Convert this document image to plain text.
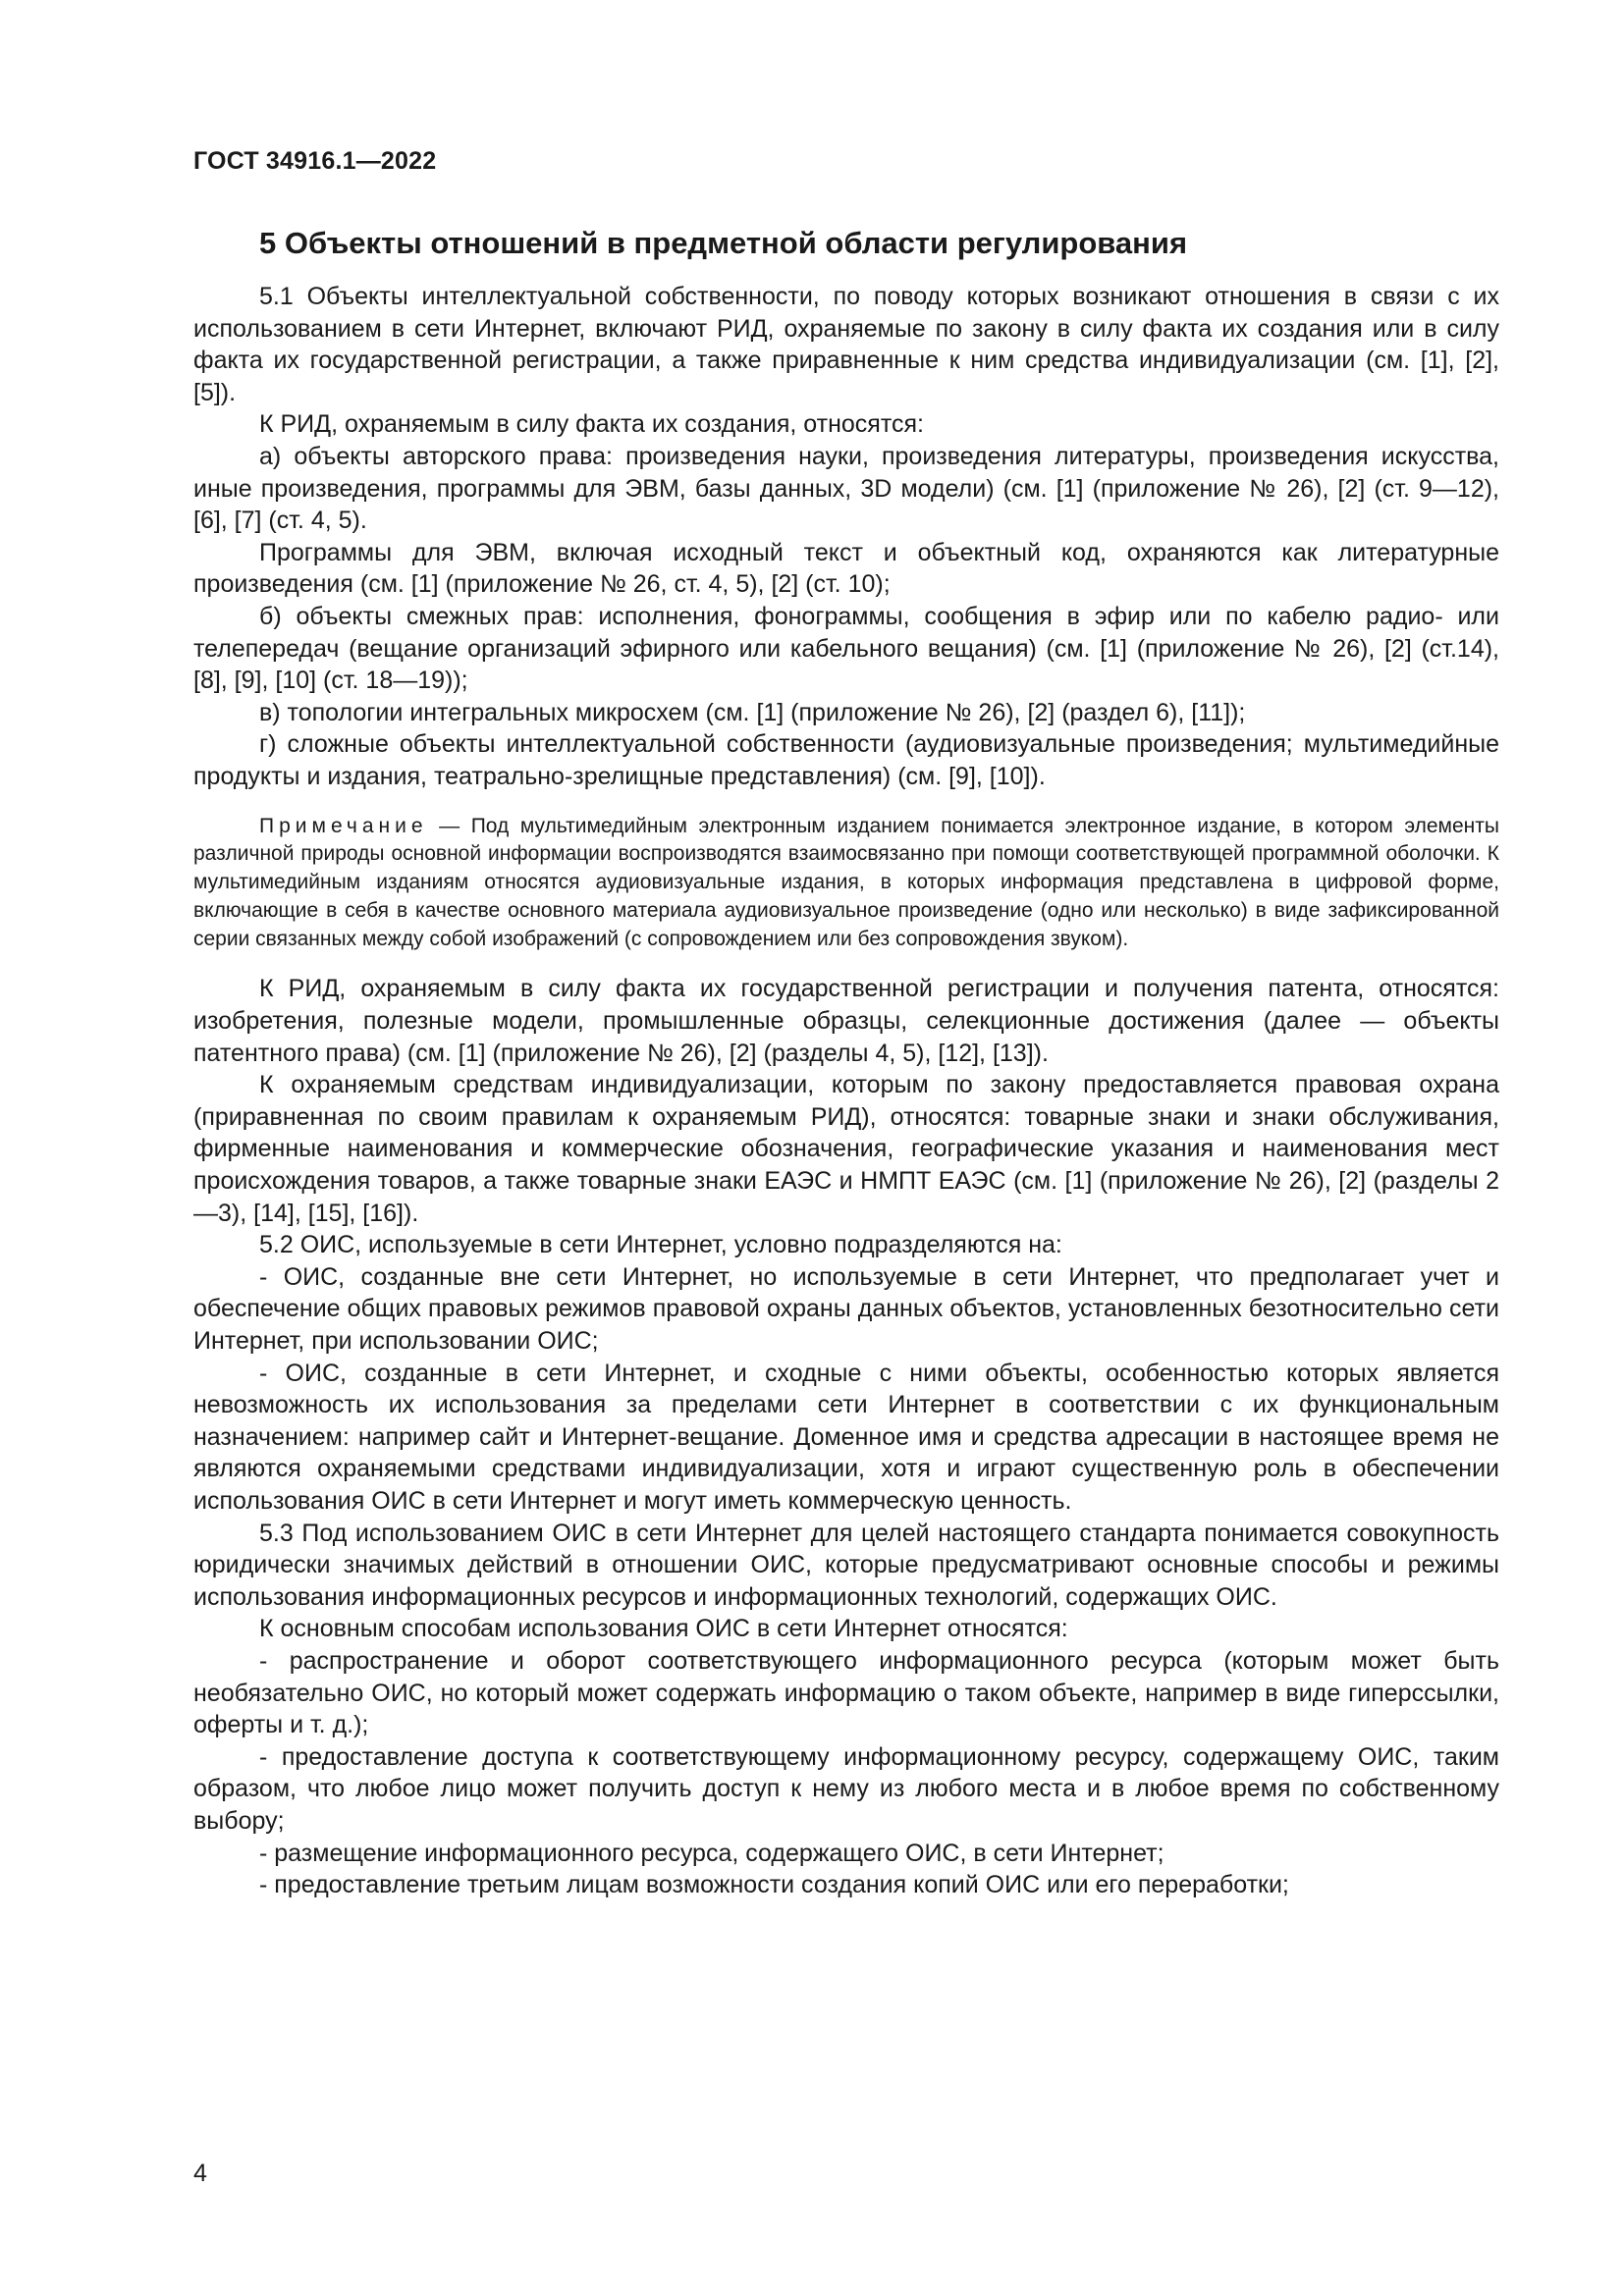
ГОСТ 34916.1—2022
5 Объекты отношений в предметной области регулирования

5.1 Объекты интеллектуальной собственности, по поводу которых возникают отношения в связи с их использованием в сети Интернет, включают РИД, охраняемые по закону в силу факта их создания или в силу факта их государственной регистрации, а также приравненные к ним средства индивидуализации (см. [1], [2], [5]).

К РИД, охраняемым в силу факта их создания, относятся:

а) объекты авторского права: произведения науки, произведения литературы, произведения искусства, иные произведения, программы для ЭВМ, базы данных, 3D модели) (см. [1] (приложение № 26), [2] (ст. 9—12), [6], [7] (ст. 4, 5).

Программы для ЭВМ, включая исходный текст и объектный код, охраняются как литературные произведения (см. [1] (приложение № 26, ст. 4, 5), [2] (ст. 10);

б) объекты смежных прав: исполнения, фонограммы, сообщения в эфир или по кабелю радио- или телепередач (вещание организаций эфирного или кабельного вещания) (см. [1] (приложение № 26), [2] (ст.14), [8], [9], [10] (ст. 18—19));

в) топологии интегральных микросхем (см. [1] (приложение № 26), [2] (раздел 6), [11]);

г) сложные объекты интеллектуальной собственности (аудиовизуальные произведения; мультимедийные продукты и издания, театрально-зрелищные представления) (см. [9], [10]).

Примечание — Под мультимедийным электронным изданием понимается электронное издание, в котором элементы различной природы основной информации воспроизводятся взаимосвязанно при помощи соответствующей программной оболочки. К мультимедийным изданиям относятся аудиовизуальные издания, в которых информация представлена в цифровой форме, включающие в себя в качестве основного материала аудиовизуальное произведение (одно или несколько) в виде зафиксированной серии связанных между собой изображений (с сопровождением или без сопровождения звуком).

К РИД, охраняемым в силу факта их государственной регистрации и получения патента, относятся: изобретения, полезные модели, промышленные образцы, селекционные достижения (далее — объекты патентного права) (см. [1] (приложение № 26), [2] (разделы 4, 5), [12], [13]).

К охраняемым средствам индивидуализации, которым по закону предоставляется правовая охрана (приравненная по своим правилам к охраняемым РИД), относятся: товарные знаки и знаки обслуживания, фирменные наименования и коммерческие обозначения, географические указания и наименования мест происхождения товаров, а также товарные знаки ЕАЭС и НМПТ ЕАЭС (см. [1] (приложение № 26), [2] (разделы 2—3), [14], [15], [16]).

5.2 ОИС, используемые в сети Интернет, условно подразделяются на:

- ОИС, созданные вне сети Интернет, но используемые в сети Интернет, что предполагает учет и обеспечение общих правовых режимов правовой охраны данных объектов, установленных безотносительно сети Интернет, при использовании ОИС;

- ОИС, созданные в сети Интернет, и сходные с ними объекты, особенностью которых является невозможность их использования за пределами сети Интернет в соответствии с их функциональным назначением: например сайт и Интернет-вещание. Доменное имя и средства адресации в настоящее время не являются охраняемыми средствами индивидуализации, хотя и играют существенную роль в обеспечении использования ОИС в сети Интернет и могут иметь коммерческую ценность.

5.3 Под использованием ОИС в сети Интернет для целей настоящего стандарта понимается совокупность юридически значимых действий в отношении ОИС, которые предусматривают основные способы и режимы использования информационных ресурсов и информационных технологий, содержащих ОИС.

К основным способам использования ОИС в сети Интернет относятся:

- распространение и оборот соответствующего информационного ресурса (которым может быть необязательно ОИС, но который может содержать информацию о таком объекте, например в виде гиперссылки, оферты и т. д.);

- предоставление доступа к соответствующему информационному ресурсу, содержащему ОИС, таким образом, что любое лицо может получить доступ к нему из любого места и в любое время по собственному выбору;

- размещение информационного ресурса, содержащего ОИС, в сети Интернет;

- предоставление третьим лицам возможности создания копий ОИС или его переработки;

4
